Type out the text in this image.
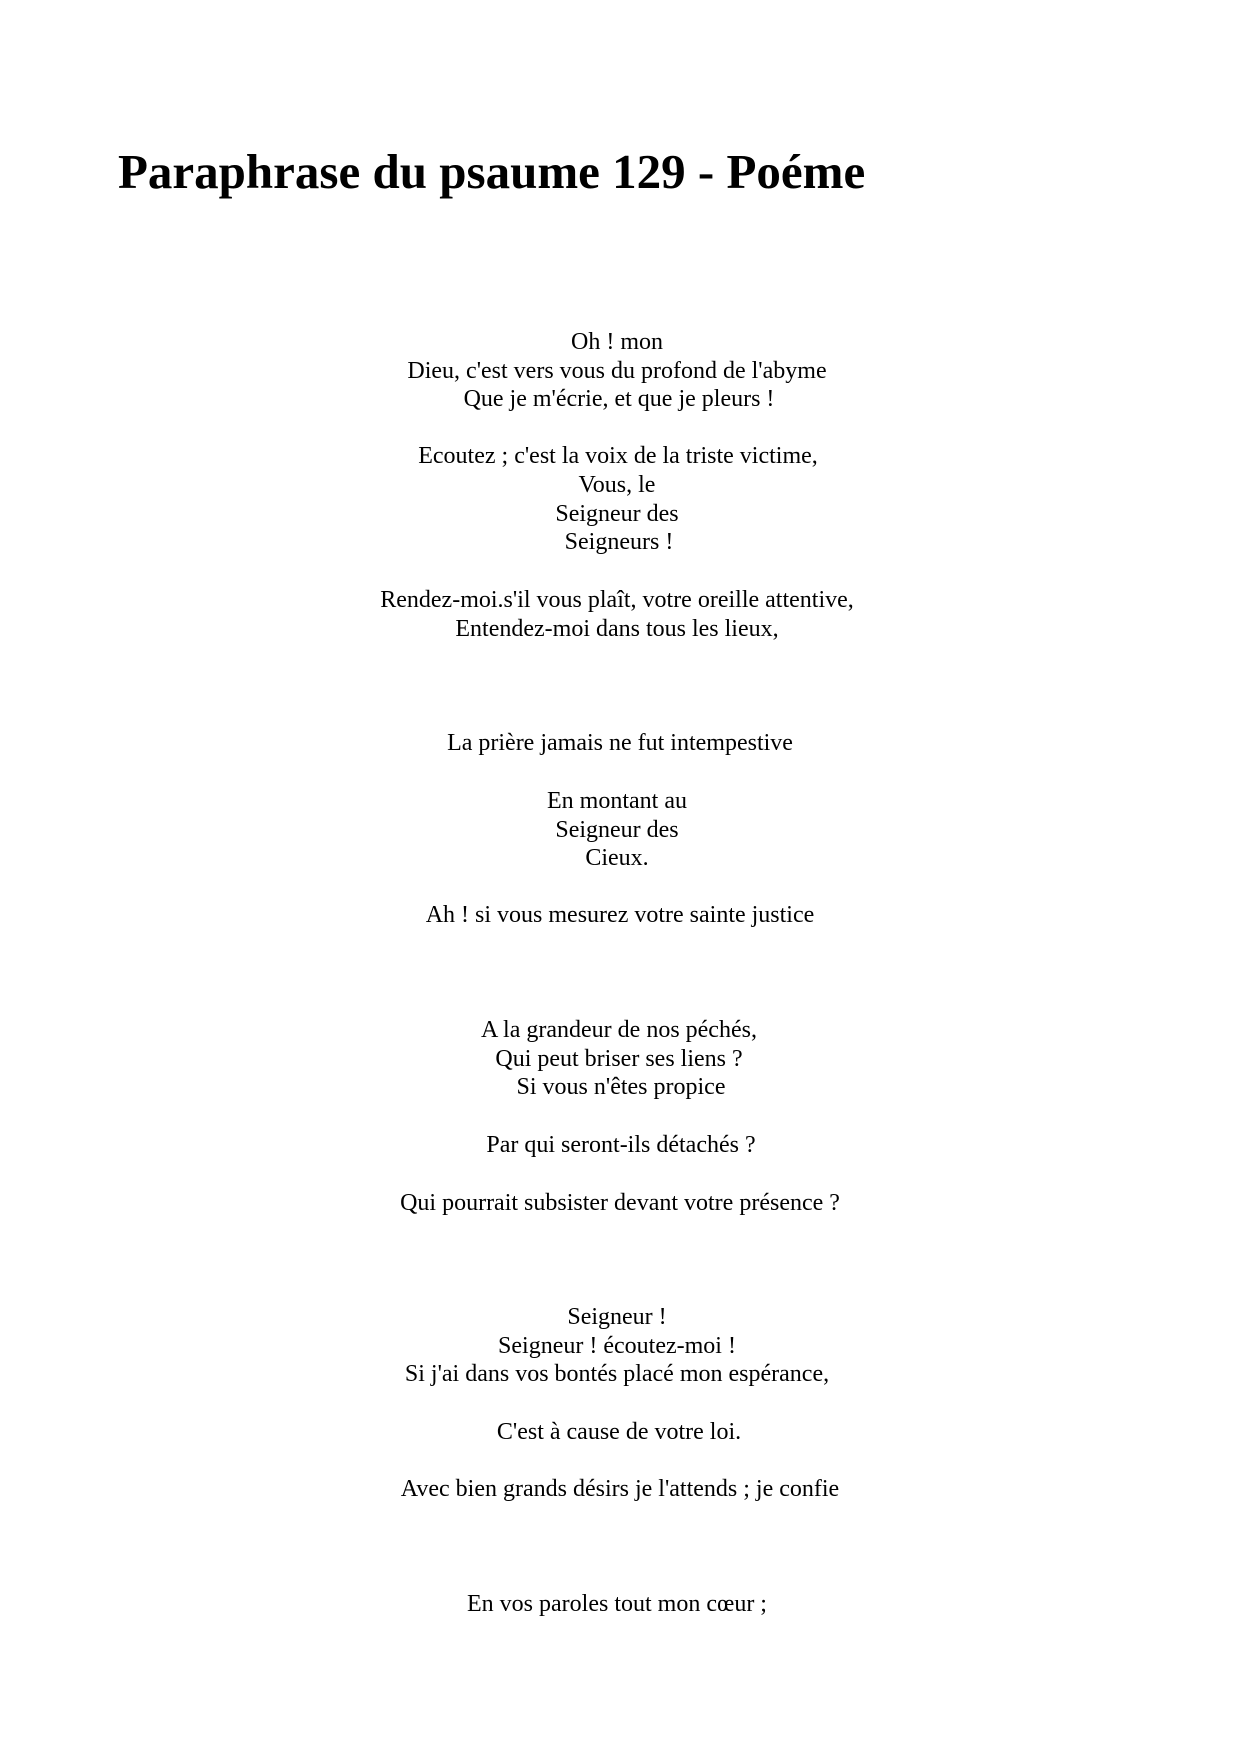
Paraphrase du psaume 129 - Poéme
Oh ! mon
Dieu, c'est vers vous du profond de l'abyme
Que je m'écrie, et que je pleurs !
Ecoutez ; c'est la voix de la triste victime,
Vous, le
Seigneur des
Seigneurs !
Rendez-moi.s'il vous plaît, votre oreille attentive,
Entendez-moi dans tous les lieux,
La prière jamais ne fut intempestive
En montant au
Seigneur des
Cieux.
Ah ! si vous mesurez votre sainte justice
A la grandeur de nos péchés,
Qui peut briser ses liens ?
Si vous n'êtes propice
Par qui seront-ils détachés ?
Qui pourrait subsister devant votre présence ?
Seigneur !
Seigneur ! écoutez-moi !
Si j'ai dans vos bontés placé mon espérance,
C'est à cause de votre loi.
Avec bien grands désirs je l'attends ; je confie
En vos paroles tout mon cœur ;
